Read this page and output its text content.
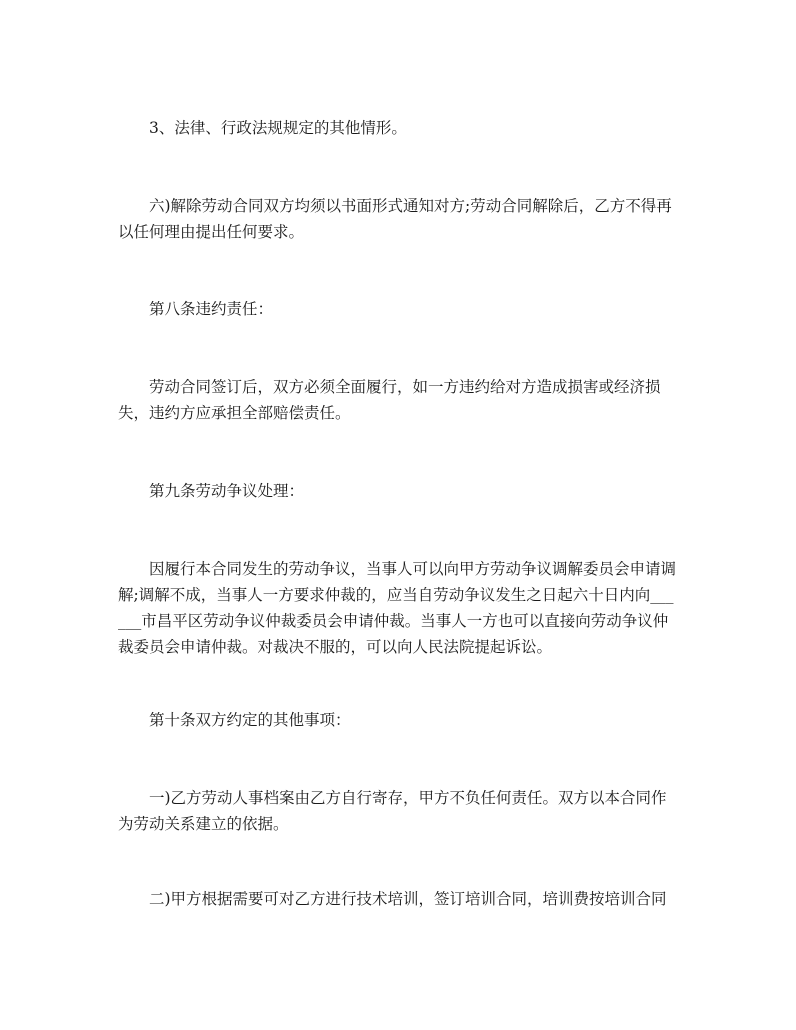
3、法律、行政法规规定的其他情形。

六)解除劳动合同双方均须以书面形式通知对方;劳动合同解除后，乙方不得再以任何理由提出任何要求。

第八条违约责任：

劳动合同签订后，双方必须全面履行，如一方违约给对方造成损害或经济损失，违约方应承担全部赔偿责任。

第九条劳动争议处理：

因履行本合同发生的劳动争议，当事人可以向甲方劳动争议调解委员会申请调解;调解不成，当事人一方要求仲裁的，应当自劳动争议发生之日起六十日内向______市昌平区劳动争议仲裁委员会申请仲裁。当事人一方也可以直接向劳动争议仲裁委员会申请仲裁。对裁决不服的，可以向人民法院提起诉讼。

第十条双方约定的其他事项：

一)乙方劳动人事档案由乙方自行寄存，甲方不负任何责任。双方以本合同作为劳动关系建立的依据。

二)甲方根据需要可对乙方进行技术培训，签订培训合同，培训费按培训合同
